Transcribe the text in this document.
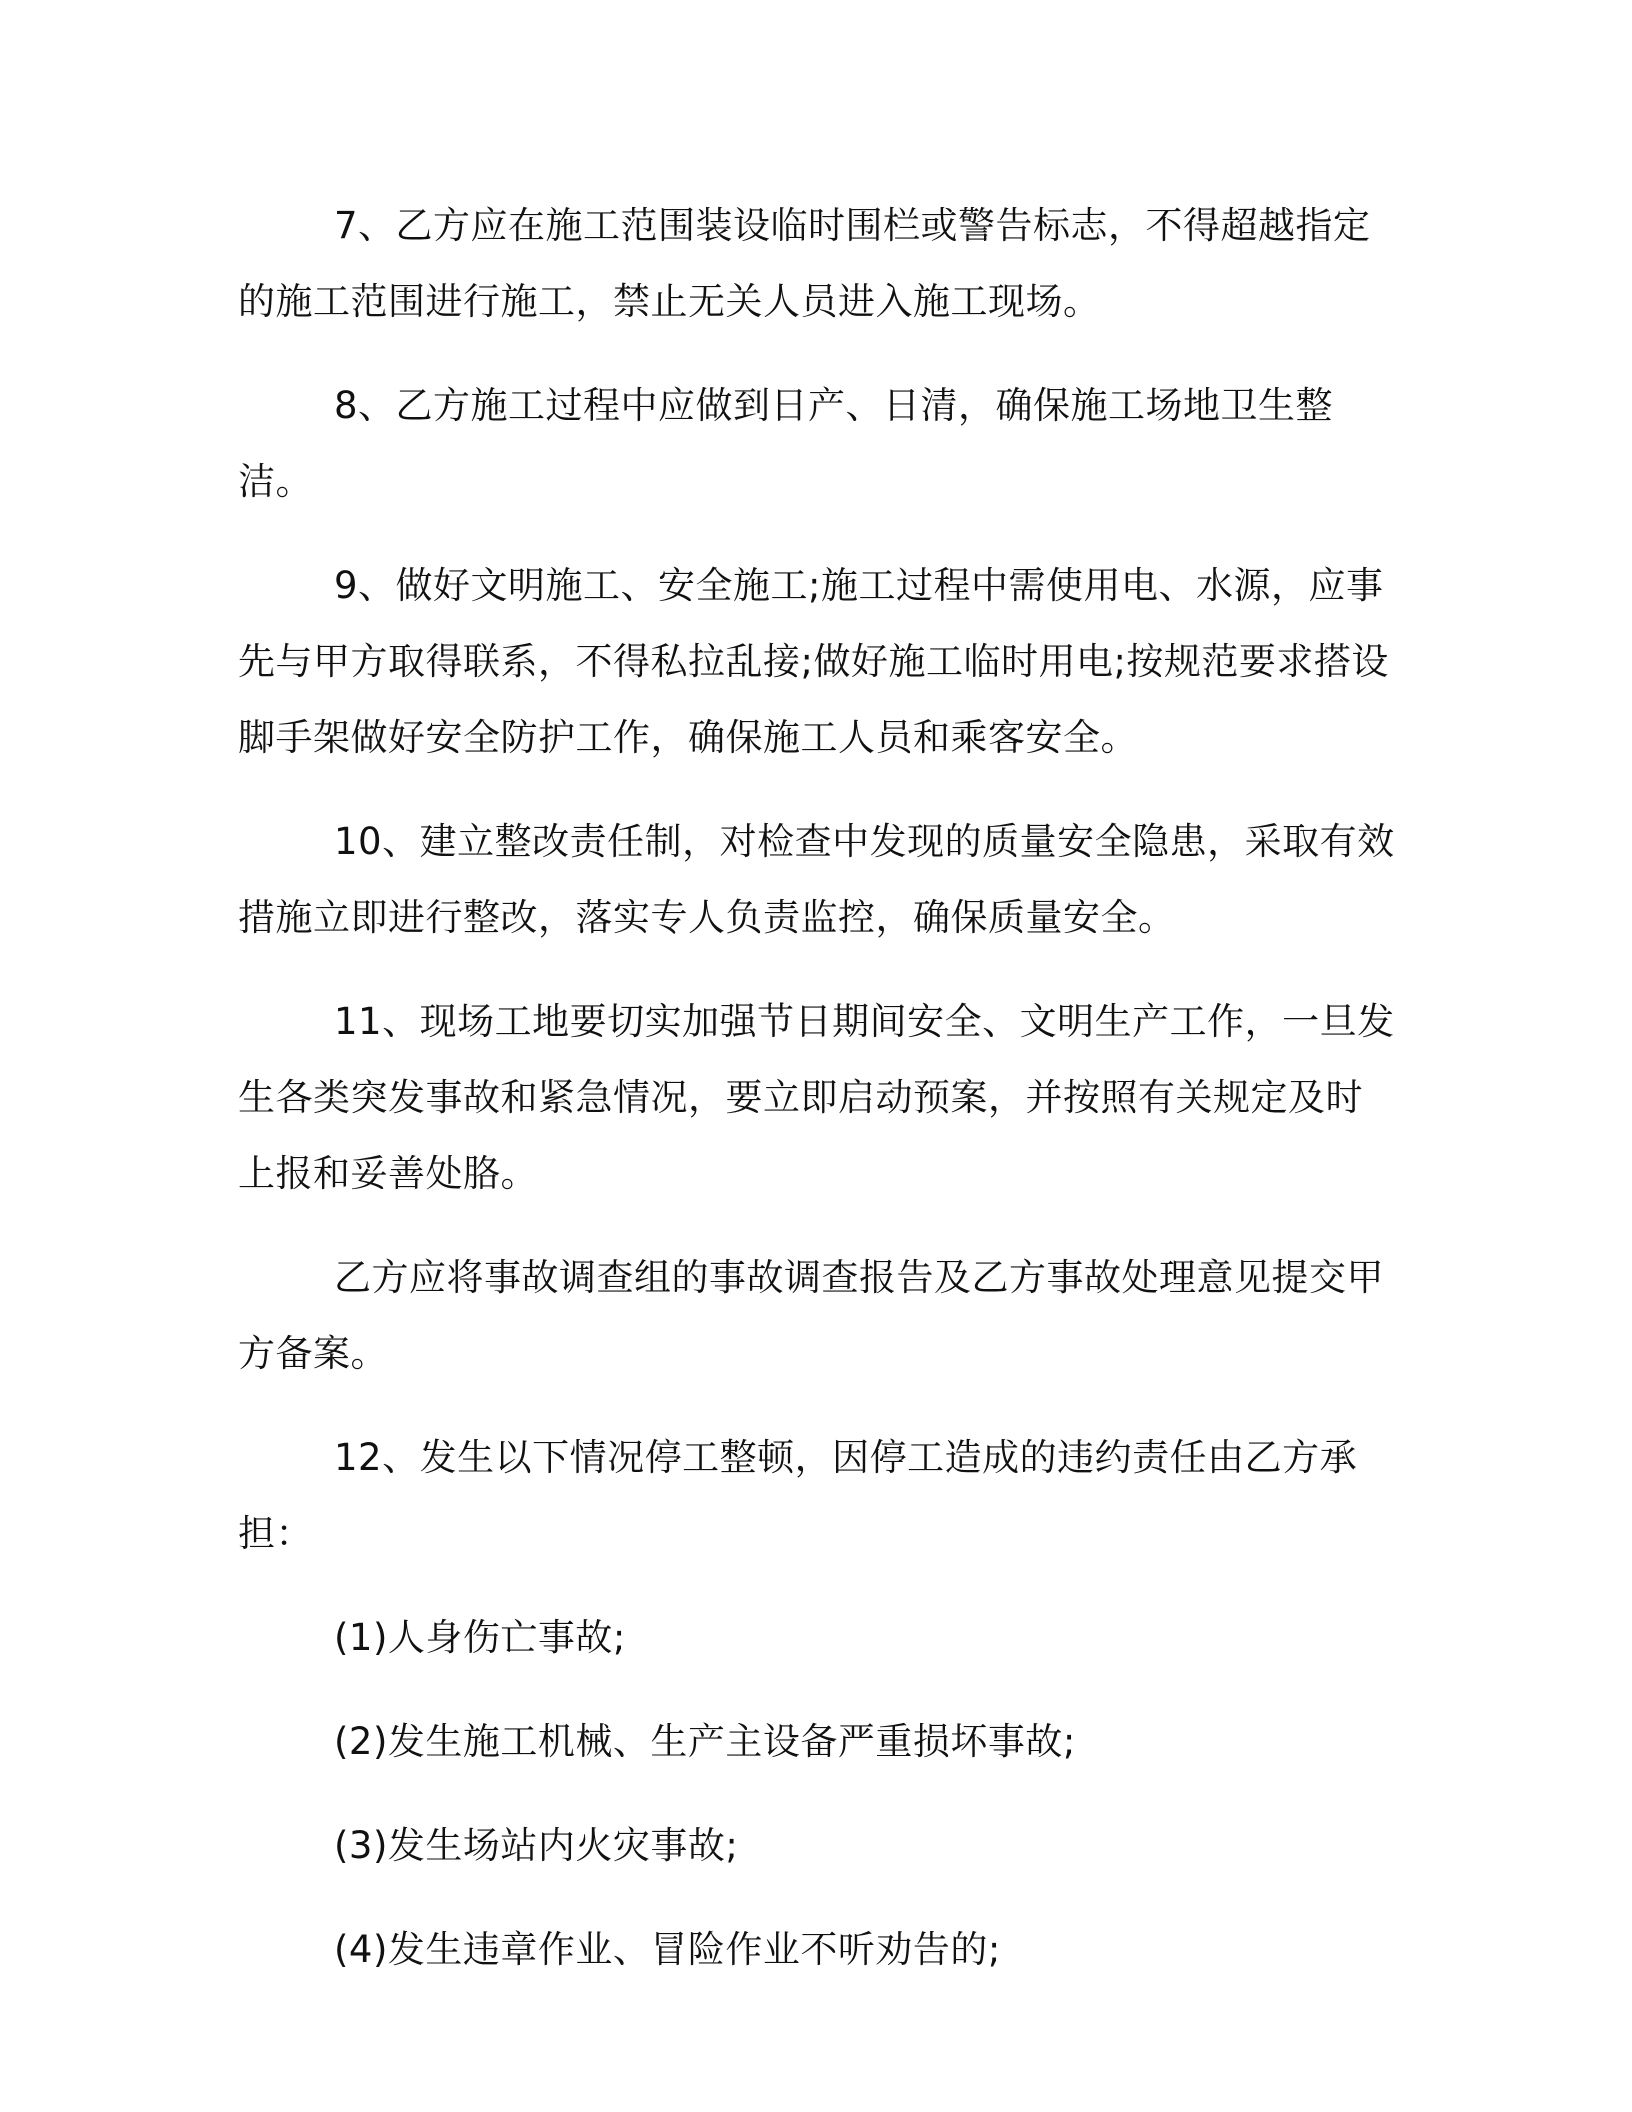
7、乙方应在施工范围装设临时围栏或警告标志，不得超越指定的施工范围进行施工，禁止无关人员进入施工现场。

8、乙方施工过程中应做到日产、日清，确保施工场地卫生整洁。

9、做好文明施工、安全施工;施工过程中需使用电、水源，应事先与甲方取得联系，不得私拉乱接;做好施工临时用电;按规范要求搭设脚手架做好安全防护工作，确保施工人员和乘客安全。

10、建立整改责任制，对检查中发现的质量安全隐患，采取有效措施立即进行整改，落实专人负责监控，确保质量安全。

11、现场工地要切实加强节日期间安全、文明生产工作，一旦发生各类突发事故和紧急情况，要立即启动预案，并按照有关规定及时上报和妥善处胳。

乙方应将事故调查组的事故调查报告及乙方事故处理意见提交甲方备案。

12、发生以下情况停工整顿，因停工造成的违约责任由乙方承担：

(1)人身伤亡事故;

(2)发生施工机械、生产主设备严重损坏事故;

(3)发生场站内火灾事故;

(4)发生违章作业、冒险作业不听劝告的;
